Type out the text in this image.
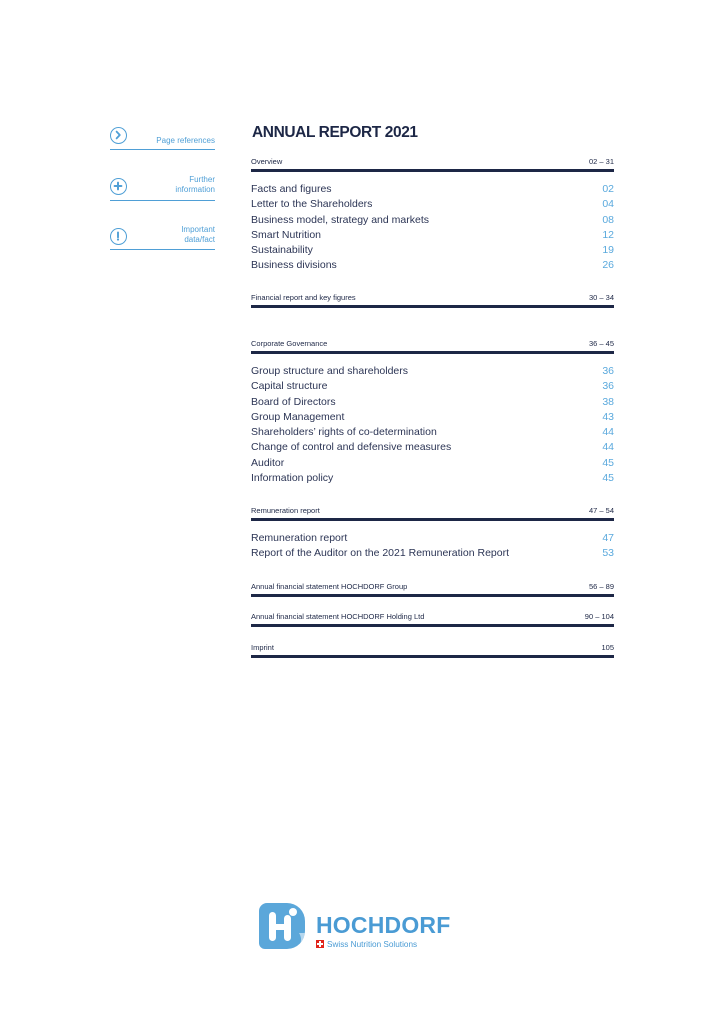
Page references
Further information
Important data/fact
ANNUAL REPORT 2021
Overview	02 – 31
Facts and figures	02
Letter to the Shareholders	04
Business model, strategy and markets	08
Smart Nutrition	12
Sustainability	19
Business divisions	26
Financial report and key figures	30 – 34
Corporate Governance	36 – 45
Group structure and shareholders	36
Capital structure	36
Board of Directors	38
Group Management	43
Shareholders’ rights of co-determination	44
Change of control and defensive measures	44
Auditor	45
Information policy	45
Remuneration report	47 – 54
Remuneration report	47
Report of the Auditor on the 2021 Remuneration Report	53
Annual financial statement HOCHDORF Group	56 – 89
Annual financial statement HOCHDORF Holding Ltd	90 – 104
Imprint	105
HOCHDORF
Swiss Nutrition Solutions
